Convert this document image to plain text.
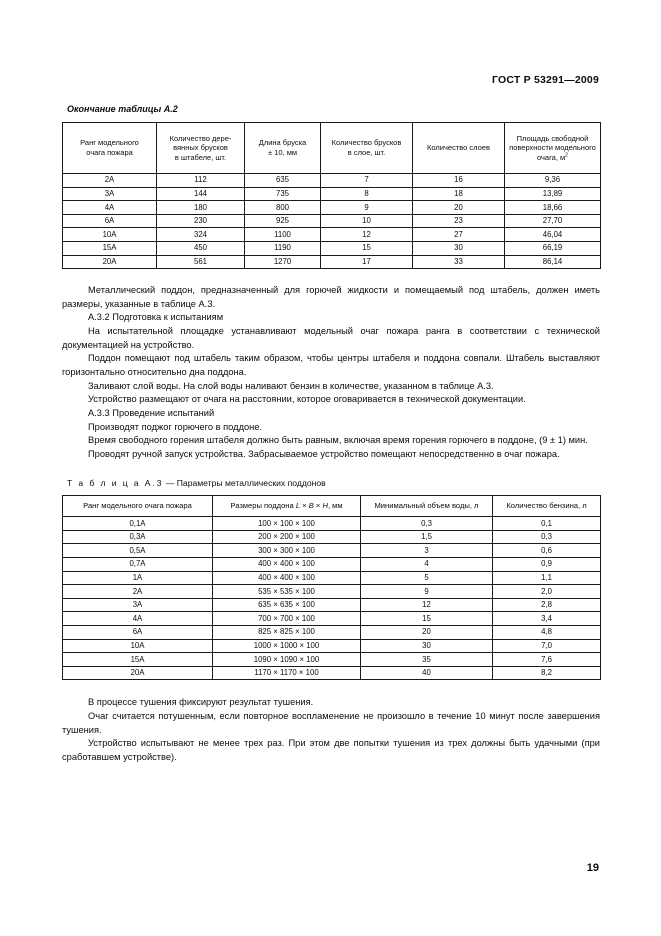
ГОСТ Р 53291—2009
Окончание таблицы А.2
Ранг модельного
очага пожара

Количество дере-
вянных брусков
в штабеле, шт.

Длина бруска
± 10, мм

Количество брусков
в слое, шт.

Количество слоев

Площадь свободной
поверхности модельного
очага, $м^2$

2А	112	635	7	16	9,36
3А	144	735	8	18	13,89
4А	180	800	9	20	18,66
6А	230	925	10	23	27,70
10А	324	1100	12	27	46,04
15А	450	1190	15	30	66,19
20А	561	1270	17	33	86,14

Металлический поддон, предназначенный для горючей жидкости и помещаемый под штабель, должен иметь размеры, указанные в таблице А.3.

А.3.2 Подготовка к испытаниям

На испытательной площадке устанавливают модельный очаг пожара ранга в соответствии с технической документацией на устройство.

Поддон помещают под штабель таким образом, чтобы центры штабеля и поддона совпали. Штабель выставляют горизонтально относительно дна поддона.

Заливают слой воды. На слой воды наливают бензин в количестве, указанном в таблице А.3.

Устройство размещают от очага на расстоянии, которое оговаривается в технической документации.

А.3.3 Проведение испытаний

Производят поджог горючего в поддоне.

Время свободного горения штабеля должно быть равным, включая время горения горючего в поддоне, (9 ± 1) мин.

Проводят ручной запуск устройства. Забрасываемое устройство помещают непосредственно в очаг пожара.

Т а б л и ц а А.3 — Параметры металлических поддонов
Ранг модельного очага пожара	Размеры поддона L × B × H, мм	Минимальный объем воды, л	Количество бензина, л
0,1А	100 × 100 × 100	0,3	0,1
0,3А	200 × 200 × 100	1,5	0,3
0,5А	300 × 300 × 100	3	0,6
0,7А	400 × 400 × 100	4	0,9
1А	400 × 400 × 100	5	1,1
2А	535 × 535 × 100	9	2,0
3А	635 × 635 × 100	12	2,8
4А	700 × 700 × 100	15	3,4
6А	825 × 825 × 100	20	4,8
10А	1000 × 1000 × 100	30	7,0
15А	1090 × 1090 × 100	35	7,6
20А	1170 × 1170 × 100	40	8,2

В процессе тушения фиксируют результат тушения.

Очаг считается потушенным, если повторное воспламенение не произошло в течение 10 минут после завершения тушения.

Устройство испытывают не менее трех раз. При этом две попытки тушения из трех должны быть удачными (при сработавшем устройстве).

19
